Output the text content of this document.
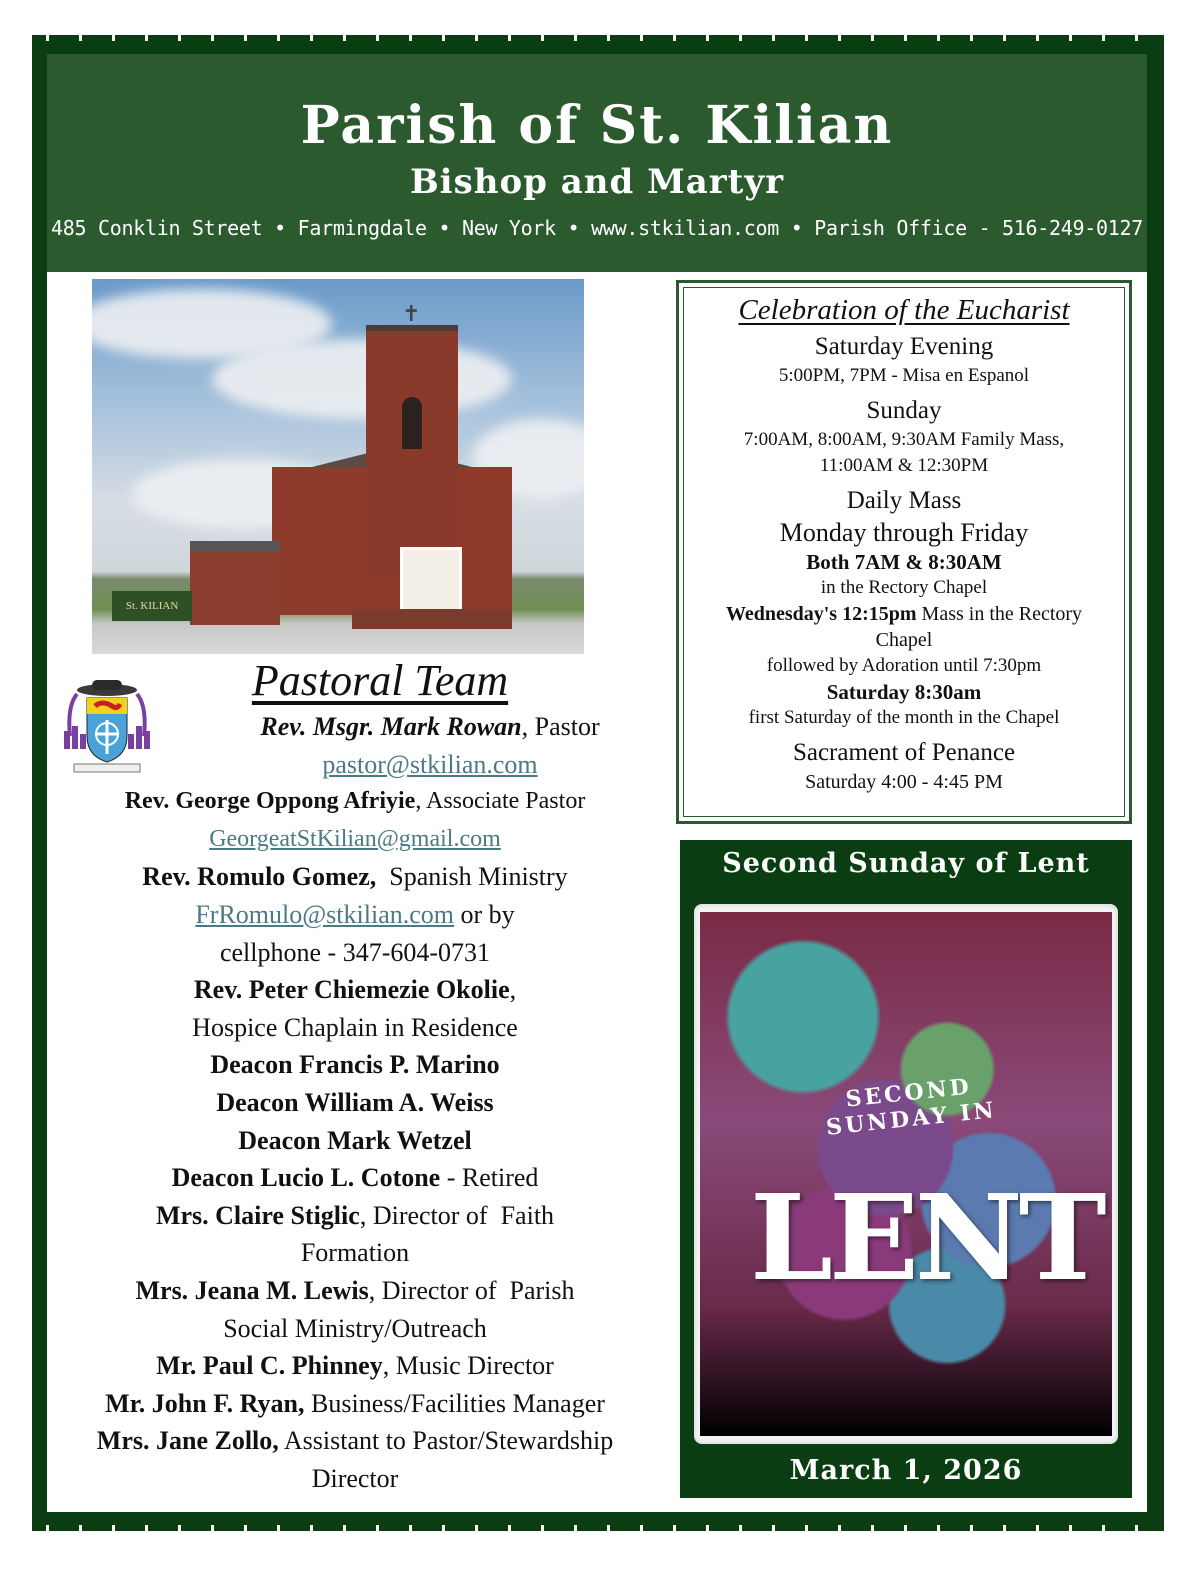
Parish of St. Kilian
Bishop and Martyr
485 Conklin Street • Farmingdale • New York • www.stkilian.com • Parish Office - 516-249-0127
✝
St. KILIAN
Pastoral Team
Rev. Msgr. Mark Rowan, Pastor
pastor@stkilian.com
Rev. George Oppong Afriyie, Associate Pastor
GeorgeatStKilian@gmail.com
Rev. Romulo Gomez,  Spanish Ministry
FrRomulo@stkilian.com or by
cellphone - 347-604-0731
Rev. Peter Chiemezie Okolie,
Hospice Chaplain in Residence
Deacon Francis P. Marino
Deacon William A. Weiss
Deacon Mark Wetzel
Deacon Lucio L. Cotone - Retired
Mrs. Claire Stiglic, Director of  Faith
Formation
Mrs. Jeana M. Lewis, Director of  Parish
Social Ministry/Outreach
Mr. Paul C. Phinney, Music Director
Mr. John F. Ryan, Business/Facilities Manager
Mrs. Jane Zollo, Assistant to Pastor/Stewardship
Director
Celebration of the Eucharist
Saturday Evening
5:00PM, 7PM - Misa en Espanol
Sunday
7:00AM, 8:00AM, 9:30AM Family Mass,
11:00AM & 12:30PM
Daily Mass
Monday through Friday
Both 7AM & 8:30AM
in the Rectory Chapel
Wednesday's 12:15pm Mass in the Rectory
Chapel
followed by Adoration until 7:30pm
Saturday 8:30am
first Saturday of the month in the Chapel
Sacrament of Penance
Saturday 4:00 - 4:45 PM
Second Sunday of Lent
SECOND SUNDAY IN
LENT
March 1, 2026
